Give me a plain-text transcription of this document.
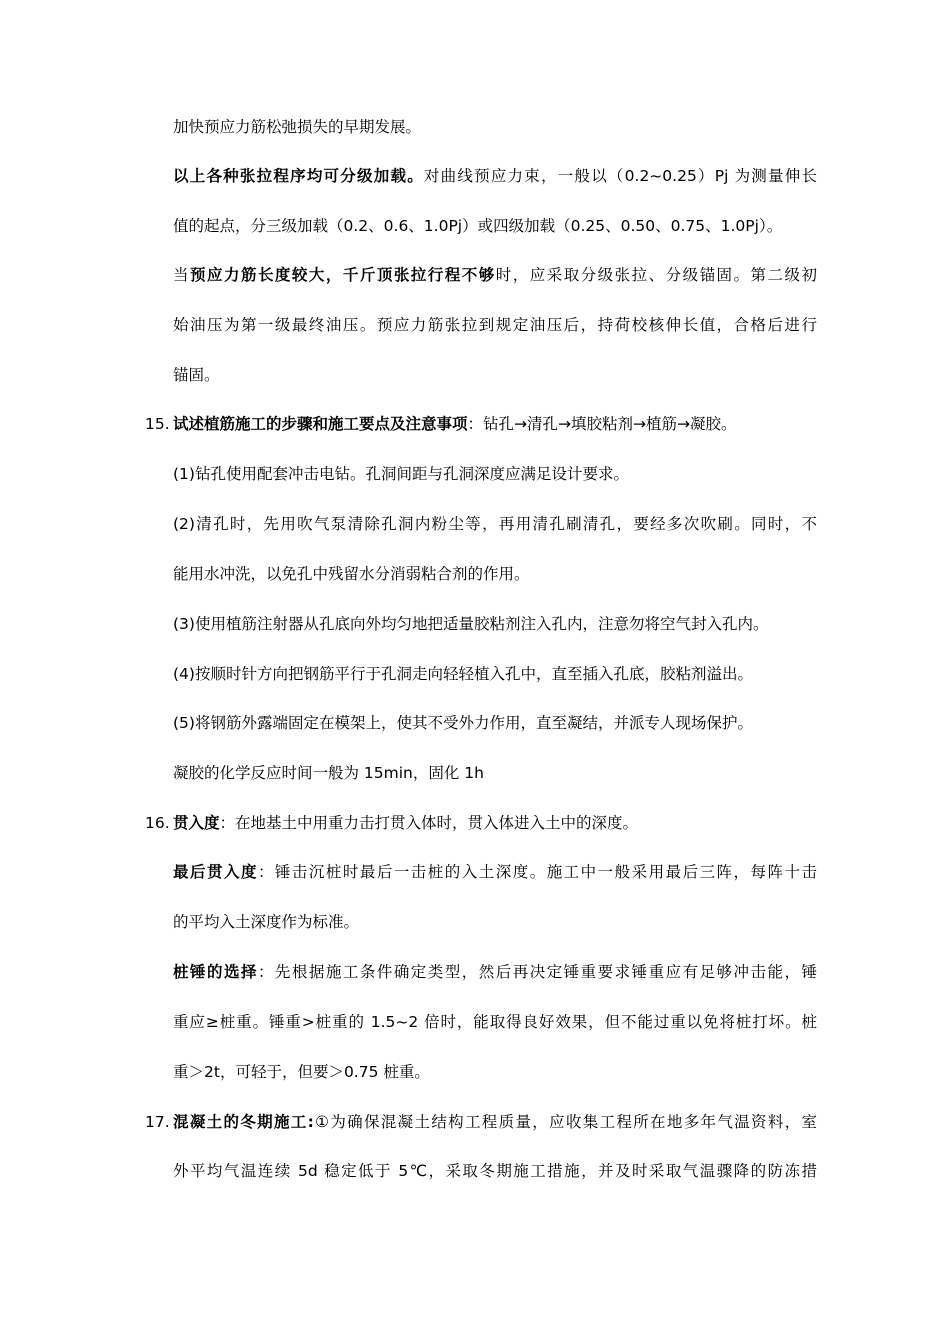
加快预应力筋松弛损失的早期发展。
以上各种张拉程序均可分级加载。对曲线预应力束，一般以（0.2~0.25）Pj 为测量伸长
值的起点，分三级加载（0.2、0.6、1.0Pj）或四级加载（0.25、0.50、0.75、1.0Pj）。
当预应力筋长度较大，千斤顶张拉行程不够时，应采取分级张拉、分级锚固。第二级初
始油压为第一级最终油压。预应力筋张拉到规定油压后，持荷校核伸长值，合格后进行
锚固。
15. 试述植筋施工的步骤和施工要点及注意事项：钻孔→清孔→填胶粘剂→植筋→凝胶。
(1)钻孔使用配套冲击电钻。孔洞间距与孔洞深度应满足设计要求。
(2)清孔时，先用吹气泵清除孔洞内粉尘等，再用清孔刷清孔，要经多次吹刷。同时，不
能用水冲洗，以免孔中残留水分消弱粘合剂的作用。
(3)使用植筋注射器从孔底向外均匀地把适量胶粘剂注入孔内，注意勿将空气封入孔内。
(4)按顺时针方向把钢筋平行于孔洞走向轻轻植入孔中，直至插入孔底，胶粘剂溢出。
(5)将钢筋外露端固定在模架上，使其不受外力作用，直至凝结，并派专人现场保护。
凝胶的化学反应时间一般为 15min，固化 1h
16. 贯入度：在地基土中用重力击打贯入体时，贯入体进入土中的深度。
最后贯入度：锤击沉桩时最后一击桩的入土深度。施工中一般采用最后三阵，每阵十击
的平均入土深度作为标准。
桩锤的选择：先根据施工条件确定类型，然后再决定锤重要求锤重应有足够冲击能，锤
重应≥桩重。锤重>桩重的 1.5~2 倍时，能取得良好效果，但不能过重以免将桩打坏。桩
重＞2t，可轻于，但要＞0.75 桩重。
17. 混凝土的冬期施工:①为确保混凝土结构工程质量，应收集工程所在地多年气温资料，室
外平均气温连续 5d 稳定低于 5℃，采取冬期施工措施，并及时采取气温骤降的防冻措
